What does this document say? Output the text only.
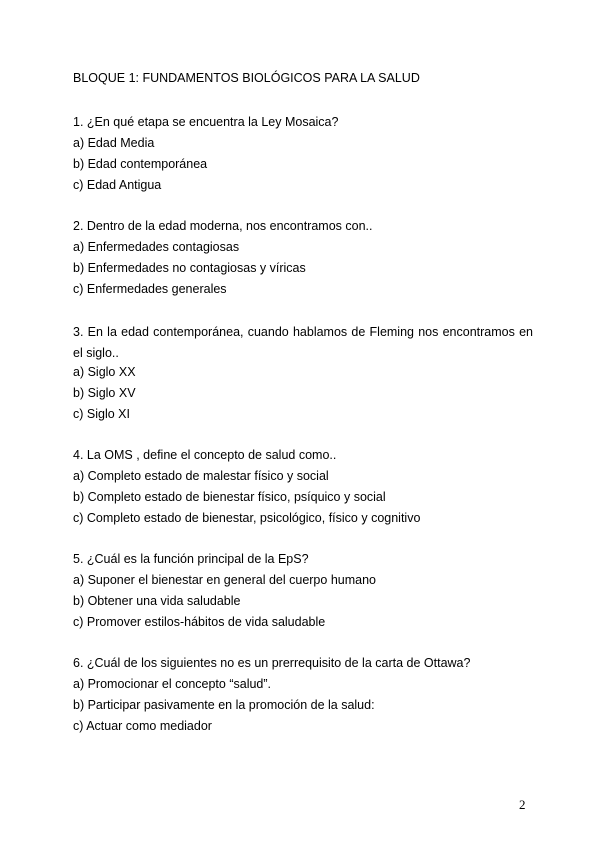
BLOQUE 1: FUNDAMENTOS BIOLÓGICOS PARA LA SALUD
1. ¿En qué etapa se encuentra la Ley Mosaica?
a) Edad Media
b) Edad contemporánea
c) Edad Antigua
2. Dentro de la edad moderna, nos encontramos con..
a) Enfermedades contagiosas
b) Enfermedades no contagiosas y víricas
c) Enfermedades generales
3. En la edad contemporánea, cuando hablamos de Fleming nos encontramos en el siglo..
a) Siglo XX
b) Siglo XV
c) Siglo XI
4. La OMS , define el concepto de salud como..
a) Completo estado de malestar físico y social
b) Completo estado de bienestar físico, psíquico y social
c) Completo estado de bienestar, psicológico, físico y cognitivo
5. ¿Cuál es la función principal de la EpS?
a) Suponer el bienestar en general del cuerpo humano
b) Obtener una vida saludable
c) Promover estilos-hábitos de vida saludable
6. ¿Cuál de los siguientes no es un prerrequisito de la carta de Ottawa?
a) Promocionar el concepto “salud”.
b) Participar pasivamente en la promoción de la salud:
c) Actuar como mediador
2
